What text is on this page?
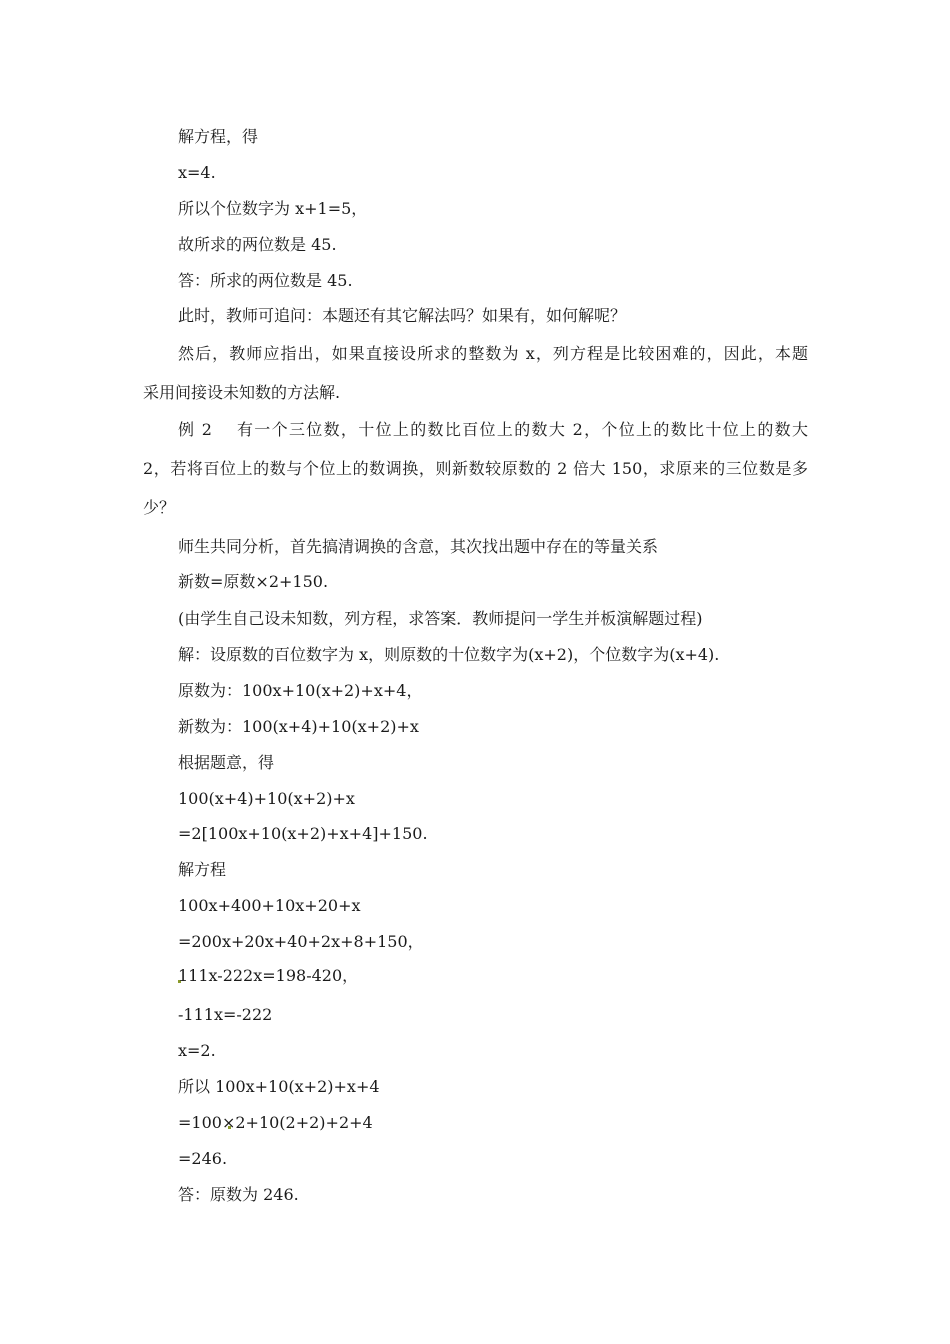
解方程，得
x=4.
所以个位数字为 x+1=5，
故所求的两位数是 45.
答：所求的两位数是 45.
此时，教师可追问：本题还有其它解法吗？如果有，如何解呢？
然后，教师应指出，如果直接设所求的整数为 x，列方程是比较困难的，因此，本题
采用间接设未知数的方法解.
例 2　 有一个三位数，十位上的数比百位上的数大 2，个位上的数比十位上的数大
2，若将百位上的数与个位上的数调换，则新数较原数的 2 倍大 150，求原来的三位数是多
少？
师生共同分析，首先搞清调换的含意，其次找出题中存在的等量关系
新数=原数×2+150.
(由学生自己设未知数，列方程，求答案．教师提问一学生并板演解题过程)
解：设原数的百位数字为 x，则原数的十位数字为(x+2)，个位数字为(x+4).
原数为：100x+10(x+2)+x+4，
新数为：100(x+4)+10(x+2)+x
根据题意，得
100(x+4)+10(x+2)+x
=2[100x+10(x+2)+x+4]+150.
解方程
100x+400+10x+20+x
=200x+20x+40+2x+8+150，
111x-222x=198-420，
-111x=-222
x=2.
所以 100x+10(x+2)+x+4
=100×2+10(2+2)+2+4
=246.
答：原数为 246.
